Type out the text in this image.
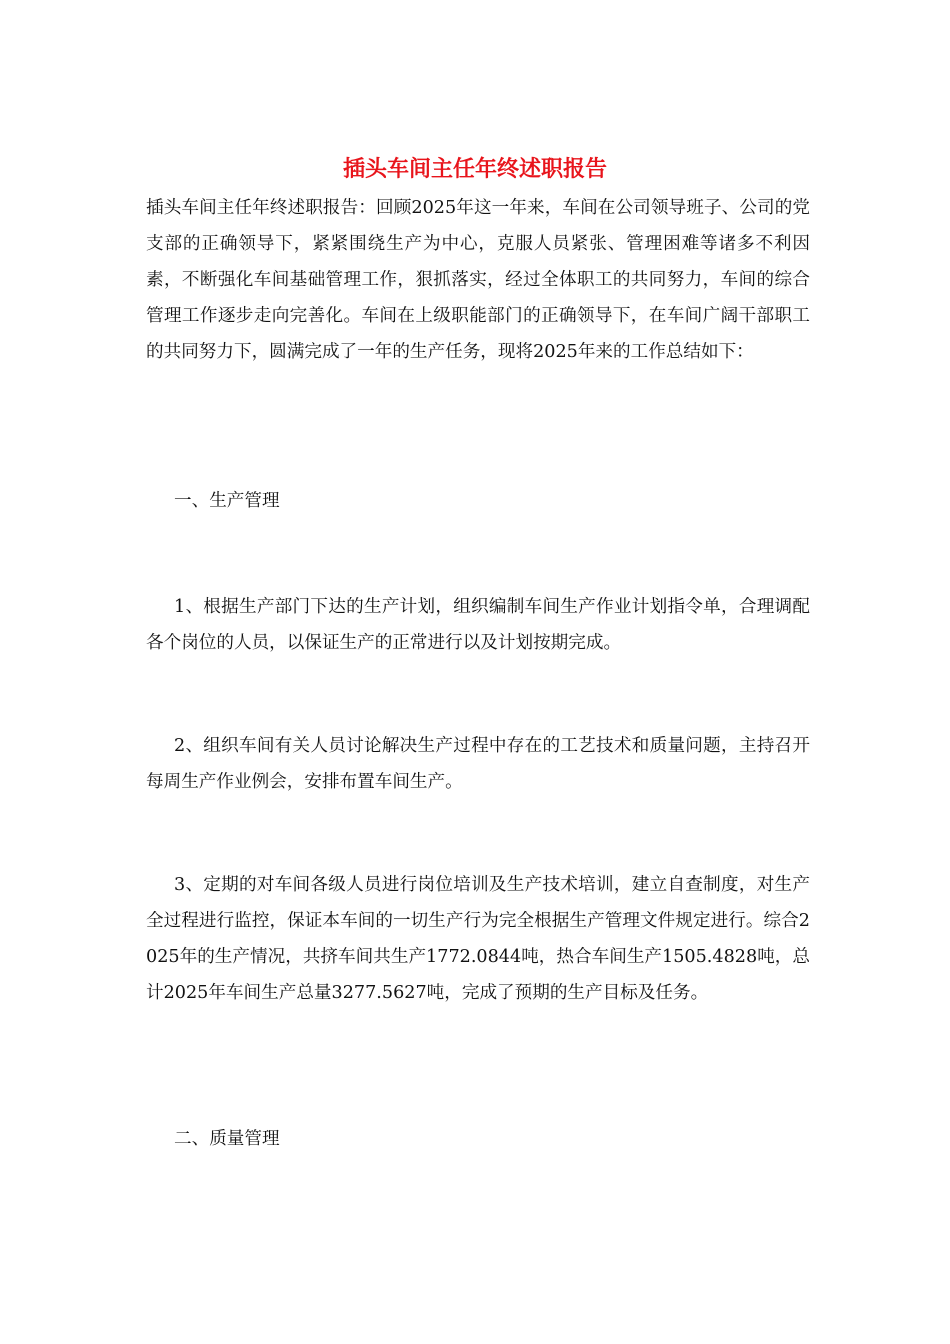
插头车间主任年终述职报告

插头车间主任年终述职报告：回顾2025年这一年来，车间在公司领导班子、公司的党支部的正确领导下，紧紧围绕生产为中心，克服人员紧张、管理困难等诸多不利因素，不断强化车间基础管理工作，狠抓落实，经过全体职工的共同努力，车间的综合管理工作逐步走向完善化。车间在上级职能部门的正确领导下，在车间广阔干部职工的共同努力下，圆满完成了一年的生产任务，现将2025年来的工作总结如下：

一、生产管理

1、根据生产部门下达的生产计划，组织编制车间生产作业计划指令单，合理调配各个岗位的人员，以保证生产的正常进行以及计划按期完成。

2、组织车间有关人员讨论解决生产过程中存在的工艺技术和质量问题，主持召开每周生产作业例会，安排布置车间生产。

3、定期的对车间各级人员进行岗位培训及生产技术培训，建立自查制度，对生产全过程进行监控，保证本车间的一切生产行为完全根据生产管理文件规定进行。综合2025年的生产情况，共挤车间共生产1772.0844吨，热合车间生产1505.4828吨，总计2025年车间生产总量3277.5627吨，完成了预期的生产目标及任务。

二、质量管理
